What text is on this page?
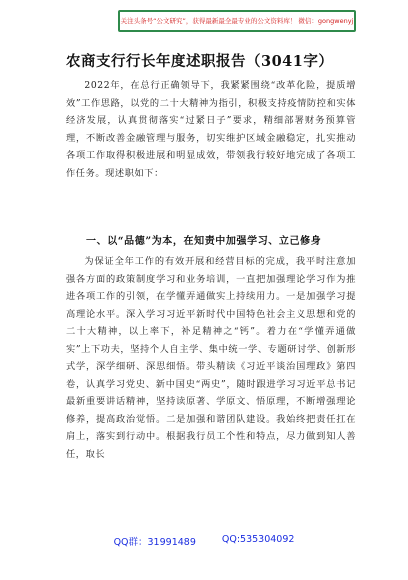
关注头条号“公文研究”，获得最新最全最专业的公文资料库！ 微信：gongwenyj
农商支行行长年度述职报告（3041字）
2022年，在总行正确领导下，我紧紧围绕“改革化险，提质增效”工作思路，以党的二十大精神为指引，积极支持疫情防控和实体经济发展，认真贯彻落实“过紧日子”要求，精细部署财务预算管理，不断改善金融管理与服务，切实维护区域金融稳定，扎实推动各项工作取得积极进展和明显成效，带领我行较好地完成了各项工作任务。现述职如下：
一、以“品德”为本，在知责中加强学习、立己修身
为保证全年工作的有效开展和经营目标的完成，我平时注意加强各方面的政策制度学习和业务培训，一直把加强理论学习作为推进各项工作的引领，在学懂弄通做实上持续用力。一是加强学习提高理论水平。深入学习习近平新时代中国特色社会主义思想和党的二十大精神，以上率下，补足精神之“钙”。着力在“学懂弄通做实”上下功夫，坚持个人自主学、集中统一学、专题研讨学、创新形式学，深学细研、深思细悟。带头精读《习近平谈治国理政》第四卷，认真学习党史、新中国史“两史”，随时跟进学习习近平总书记最新重要讲话精神，坚持读原著、学原文、悟原理，不断增强理论修养，提高政治觉悟。二是加强和谐团队建设。我始终把责任扛在肩上，落实到行动中。根据我行员工个性和特点，尽力做到知人善任，取长
QQ群：31991489	QQ:535304092
